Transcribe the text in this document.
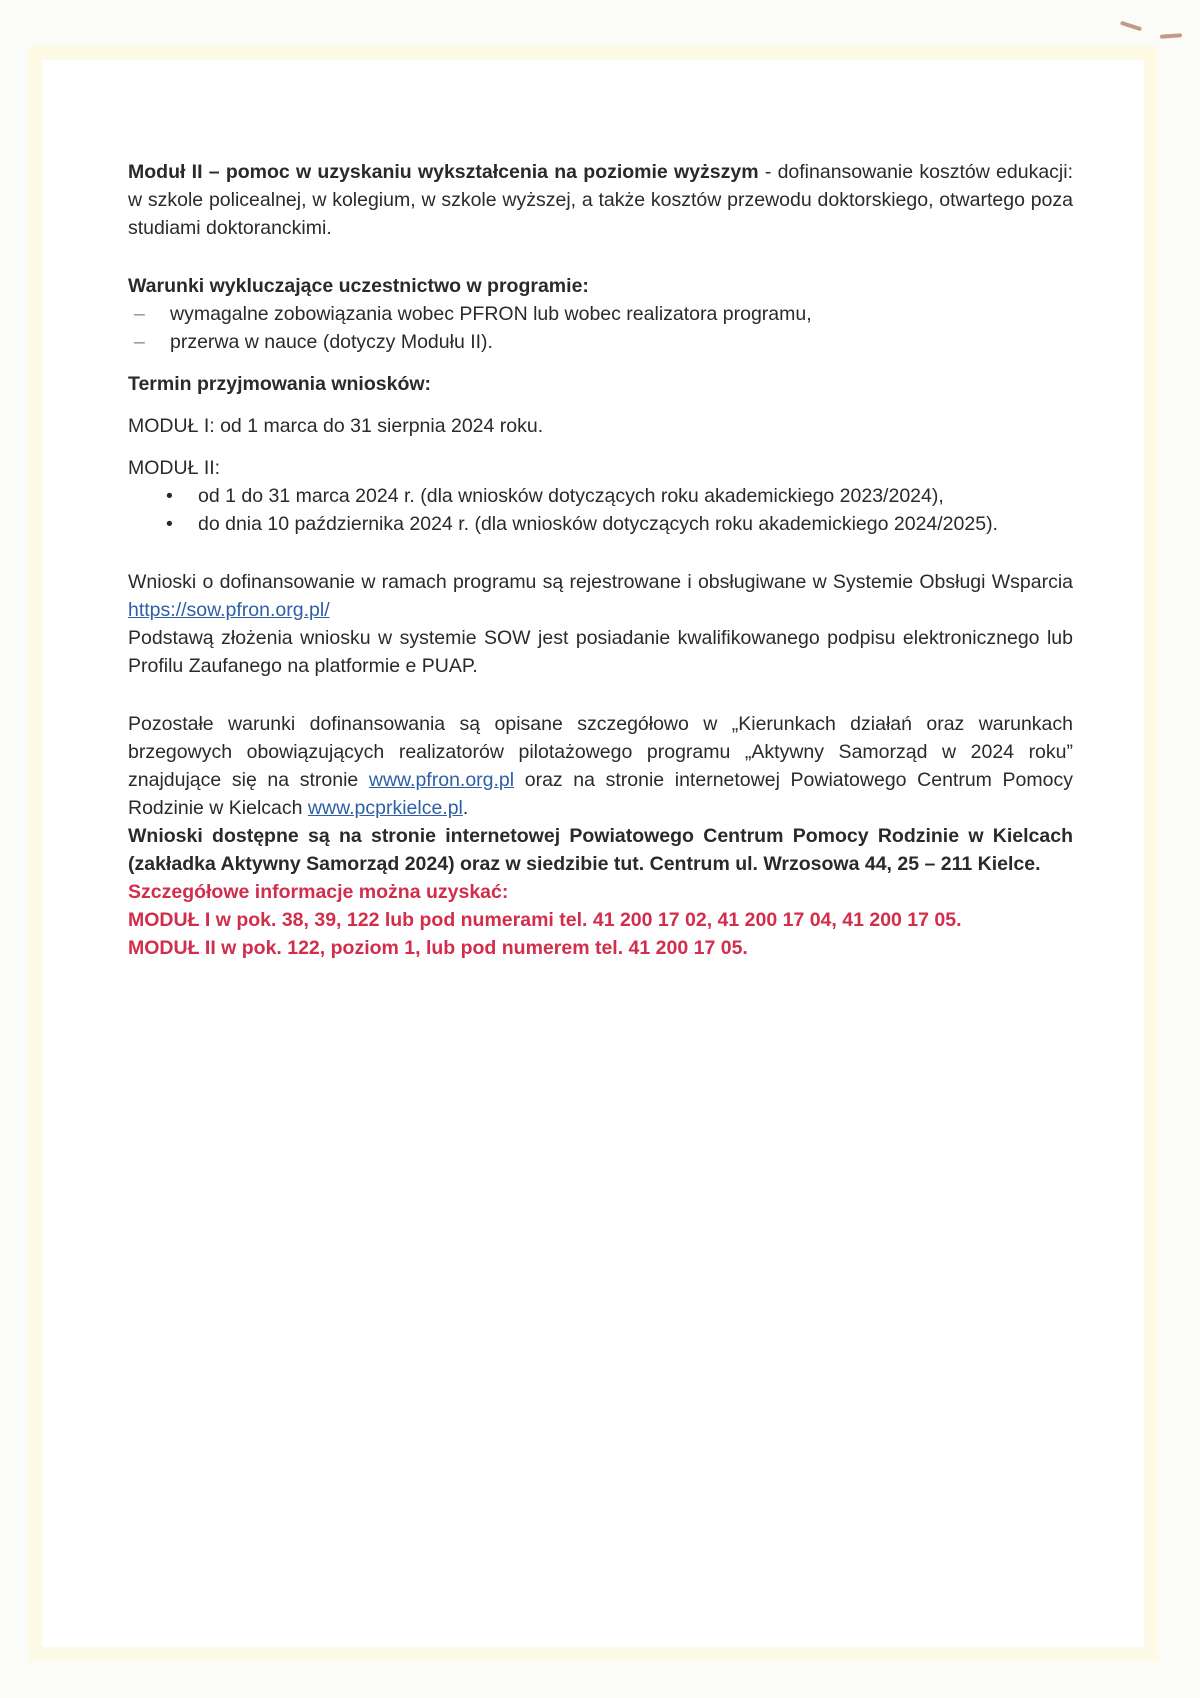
Moduł II – pomoc w uzyskaniu wykształcenia na poziomie wyższym - dofinansowanie kosztów edukacji: w szkole policealnej, w kolegium, w szkole wyższej, a także kosztów przewodu doktorskiego, otwartego poza studiami doktoranckimi.

Warunki wykluczające uczestnictwo w programie:

– wymagalne zobowiązania wobec PFRON lub wobec realizatora programu,
– przerwa w nauce (dotyczy Modułu II).

Termin przyjmowania wniosków:

MODUŁ I: od 1 marca do 31 sierpnia 2024 roku.

MODUŁ II:

• od 1 do 31 marca 2024 r. (dla wniosków dotyczących roku akademickiego 2023/2024),
• do dnia 10 października 2024 r. (dla wniosków dotyczących roku akademickiego 2024/2025).

Wnioski o dofinansowanie w ramach programu są rejestrowane i obsługiwane w Systemie Obsługi Wsparcia https://sow.pfron.org.pl/

Podstawą złożenia wniosku w systemie SOW jest posiadanie kwalifikowanego podpisu elektronicznego lub Profilu Zaufanego na platformie e PUAP.

Pozostałe warunki dofinansowania są opisane szczegółowo w „Kierunkach działań oraz warunkach brzegowych obowiązujących realizatorów pilotażowego programu „Aktywny Samorząd w 2024 roku” znajdujące się na stronie www.pfron.org.pl oraz na stronie internetowej Powiatowego Centrum Pomocy Rodzinie w Kielcach www.pcprkielce.pl.

Wnioski dostępne są na stronie internetowej Powiatowego Centrum Pomocy Rodzinie w Kielcach (zakładka Aktywny Samorząd 2024) oraz w siedzibie tut. Centrum ul. Wrzosowa 44, 25 – 211 Kielce.

Szczegółowe informacje można uzyskać:

MODUŁ I w pok. 38, 39, 122 lub pod numerami tel. 41 200 17 02, 41 200 17 04, 41 200 17 05.

MODUŁ II w pok. 122, poziom 1, lub pod numerem tel. 41 200 17 05.
